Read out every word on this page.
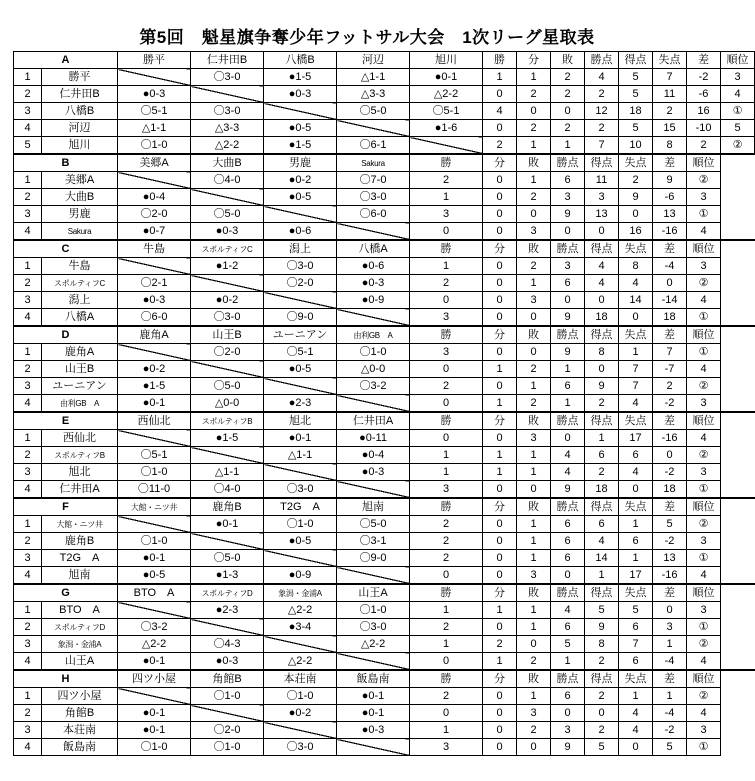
第5回　魁星旗争奪少年フットサル大会　1次リーグ星取表
A		勝平	仁井田B	八橋B	河辺	旭川	勝	分	敗	勝点	得点	失点	差	順位
1	勝平		〇3-0	●1-5	△1-1	●0-1	1	1	2	4	5	7	-2	3
2	仁井田B	●0-3		●0-3	△3-3	△2-2	0	2	2	2	5	11	-6	4
3	八橋B	〇5-1	〇3-0		〇5-0	〇5-1	4	0	0	12	18	2	16	①
4	河辺	△1-1	△3-3	●0-5		●1-6	0	2	2	2	5	15	-10	5
5	旭川	〇1-0	△2-2	●1-5	〇6-1		2	1	1	7	10	8	2	②
B		美郷A	大曲B	男鹿	Sakura	勝	分	敗	勝点	得点	失点	差	順位	
1	美郷A		〇4-0	●0-2	〇7-0	2	0	1	6	11	2	9	②	
2	大曲B	●0-4		●0-5	〇3-0	1	0	2	3	3	9	-6	3	
3	男鹿	〇2-0	〇5-0		〇6-0	3	0	0	9	13	0	13	①	
4	Sakura	●0-7	●0-3	●0-6		0	0	3	0	0	16	-16	4	
C		牛島	スポルティフC	潟上	八橋A	勝	分	敗	勝点	得点	失点	差	順位	
1	牛島		●1-2	〇3-0	●0-6	1	0	2	3	4	8	-4	3	
2	スポルティフC	〇2-1		〇2-0	●0-3	2	0	1	6	4	4	0	②	
3	潟上	●0-3	●0-2		●0-9	0	0	3	0	0	14	-14	4	
4	八橋A	〇6-0	〇3-0	〇9-0		3	0	0	9	18	0	18	①	
D		鹿角A	山王B	ユーニアン	由利GB　A	勝	分	敗	勝点	得点	失点	差	順位	
1	鹿角A		〇2-0	〇5-1	〇1-0	3	0	0	9	8	1	7	①	
2	山王B	●0-2		●0-5	△0-0	0	1	2	1	0	7	-7	4	
3	ユーニアン	●1-5	〇5-0		〇3-2	2	0	1	6	9	7	2	②	
4	由利GB　A	●0-1	△0-0	●2-3		0	1	2	1	2	4	-2	3	
E		西仙北	スポルティフB	旭北	仁井田A	勝	分	敗	勝点	得点	失点	差	順位	
1	西仙北		●1-5	●0-1	●0-11	0	0	3	0	1	17	-16	4	
2	スポルティフB	〇5-1		△1-1	●0-4	1	1	1	4	6	6	0	②	
3	旭北	〇1-0	△1-1		●0-3	1	1	1	4	2	4	-2	3	
4	仁井田A	〇11-0	〇4-0	〇3-0		3	0	0	9	18	0	18	①	
F		大館・ニツ井	鹿角B	T2G　A	旭南	勝	分	敗	勝点	得点	失点	差	順位	
1	大館・ニツ井		●0-1	〇1-0	〇5-0	2	0	1	6	6	1	5	②	
2	鹿角B	〇1-0		●0-5	〇3-1	2	0	1	6	4	6	-2	3	
3	T2G　A	●0-1	〇5-0		〇9-0	2	0	1	6	14	1	13	①	
4	旭南	●0-5	●1-3	●0-9		0	0	3	0	1	17	-16	4	
G		BTO　A	スポルティフD	象潟・金浦A	山王A	勝	分	敗	勝点	得点	失点	差	順位	
1	BTO　A		●2-3	△2-2	〇1-0	1	1	1	4	5	5	0	3	
2	スポルティフD	〇3-2		●3-4	〇3-0	2	0	1	6	9	6	3	①	
3	象潟・金浦A	△2-2	〇4-3		△2-2	1	2	0	5	8	7	1	②	
4	山王A	●0-1	●0-3	△2-2		0	1	2	1	2	6	-4	4	
H		四ツ小屋	角館B	本荘南	飯島南	勝	分	敗	勝点	得点	失点	差	順位	
1	四ツ小屋		〇1-0	〇1-0	●0-1	2	0	1	6	2	1	1	②	
2	角館B	●0-1		●0-2	●0-1	0	0	3	0	0	4	-4	4	
3	本荘南	●0-1	〇2-0		●0-3	1	0	2	3	2	4	-2	3	
4	飯島南	〇1-0	〇1-0	〇3-0		3	0	0	9	5	0	5	①	
